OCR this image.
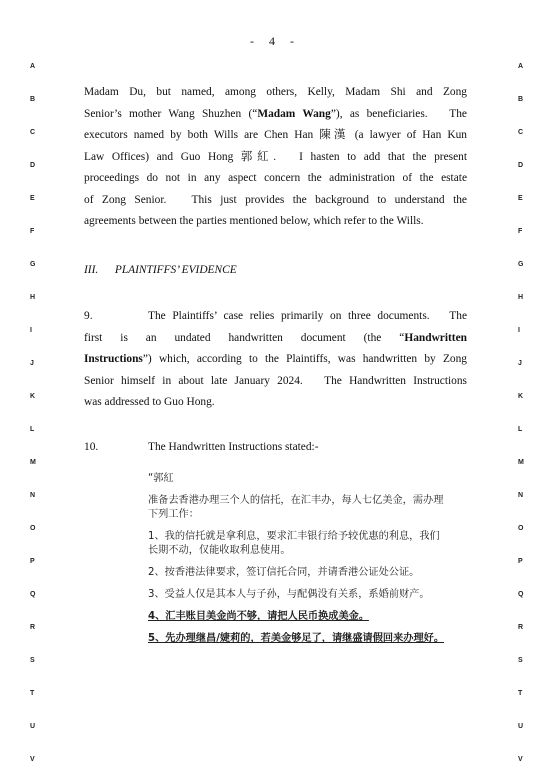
- 4 -
A	A
B	B
C	C
D	D
E	E
F	F
G	G
H	H
I	I
J	J
K	K
L	L
M	M
N	N
O	O
P	P
Q	Q
R	R
S	S
T	T
U	U
V	V
Madam Du, but named, among others, Kelly, Madam Shi and Zong
Senior’s mother Wang Shuzhen (“Madam Wang”), as beneficiaries.   The
executors named by both Wills are Chen Han 陳漢 (a lawyer of Han Kun
Law Offices) and Guo Hong 郭紅.   I hasten to add that the present
proceedings do not in any aspect concern the administration of the estate
of Zong Senior.   This just provides the background to understand the
agreements between the parties mentioned below, which refer to the Wills.
III. PLAINTIFFS’ EVIDENCE
9.	The Plaintiffs’ case relies primarily on three documents.   The
first   is   an   undated   handwritten   document   (the   “Handwritten
Instructions”) which, according to the Plaintiffs, was handwritten by Zong
Senior himself in about late January 2024.   The Handwritten Instructions
was addressed to Guo Hong.
10.	The Handwritten Instructions stated:-

“郭紅

准备去香港办理三个人的信托，在汇丰办，每人七亿美金，需办理下列工作：

1、我的信托就是拿利息，要求汇丰银行给予较优惠的利息，我们长期不动，仅能收取利息使用。

2、按香港法律要求，签订信托合同，并请香港公证处公证。

3、受益人仅是其本人与子孙，与配偶没有关系，系婚前财产。

4、汇丰账目美金尚不够，请把人民币换成美金。

5、先办理继昌/婕莉的，若美金够足了，请继盛请假回来办理好。
